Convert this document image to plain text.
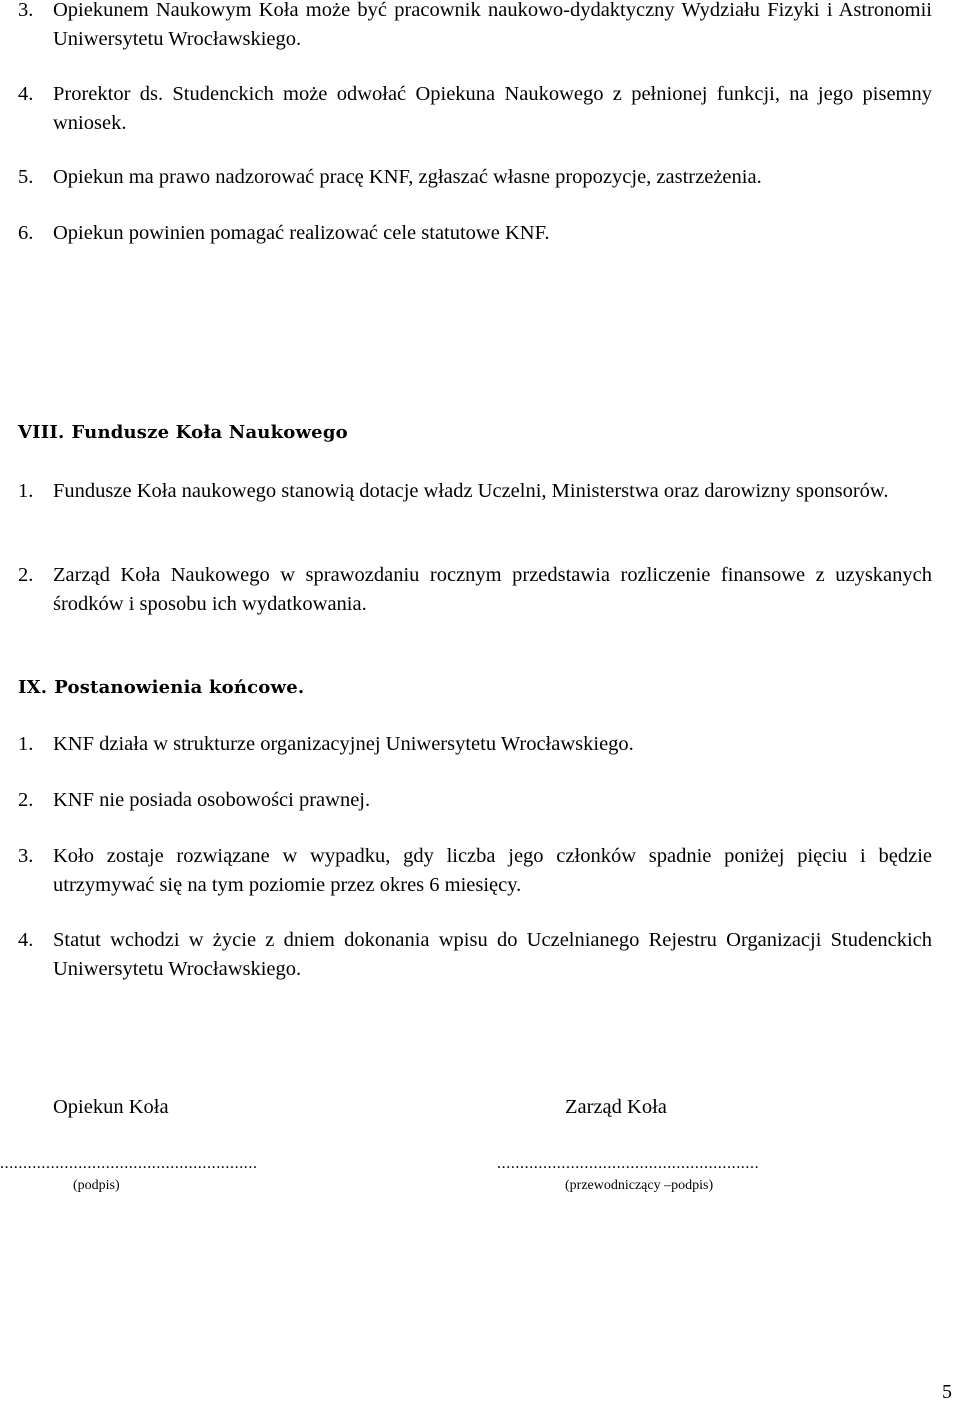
3. Opiekunem Naukowym Koła może być pracownik naukowo-dydaktyczny Wydziału Fizyki i Astronomii Uniwersytetu Wrocławskiego.
4. Prorektor ds. Studenckich może odwołać Opiekuna Naukowego z pełnionej funkcji, na jego pisemny wniosek.
5. Opiekun ma prawo nadzorować pracę KNF, zgłaszać własne propozycje, zastrzeżenia.
6. Opiekun powinien pomagać realizować cele statutowe KNF.
VIII. Fundusze Koła Naukowego
1. Fundusze Koła naukowego stanowią dotacje władz Uczelni, Ministerstwa oraz darowizny sponsorów.
2. Zarząd Koła Naukowego w sprawozdaniu rocznym przedstawia rozliczenie finansowe z uzyskanych środków i sposobu ich wydatkowania.
IX. Postanowienia końcowe.
1. KNF działa w strukturze organizacyjnej Uniwersytetu Wrocławskiego.
2. KNF nie posiada osobowości prawnej.
3. Koło zostaje rozwiązane w wypadku, gdy liczba jego członków spadnie poniżej pięciu i będzie utrzymywać się na tym poziomie przez okres 6 miesięcy.
4. Statut wchodzi w życie z dniem dokonania wpisu do Uczelnianego Rejestru Organizacji Studenckich Uniwersytetu Wrocławskiego.
Opiekun Koła	Zarząd Koła
........................................................	.........................................................
(podpis)	(przewodniczący –podpis)
5
